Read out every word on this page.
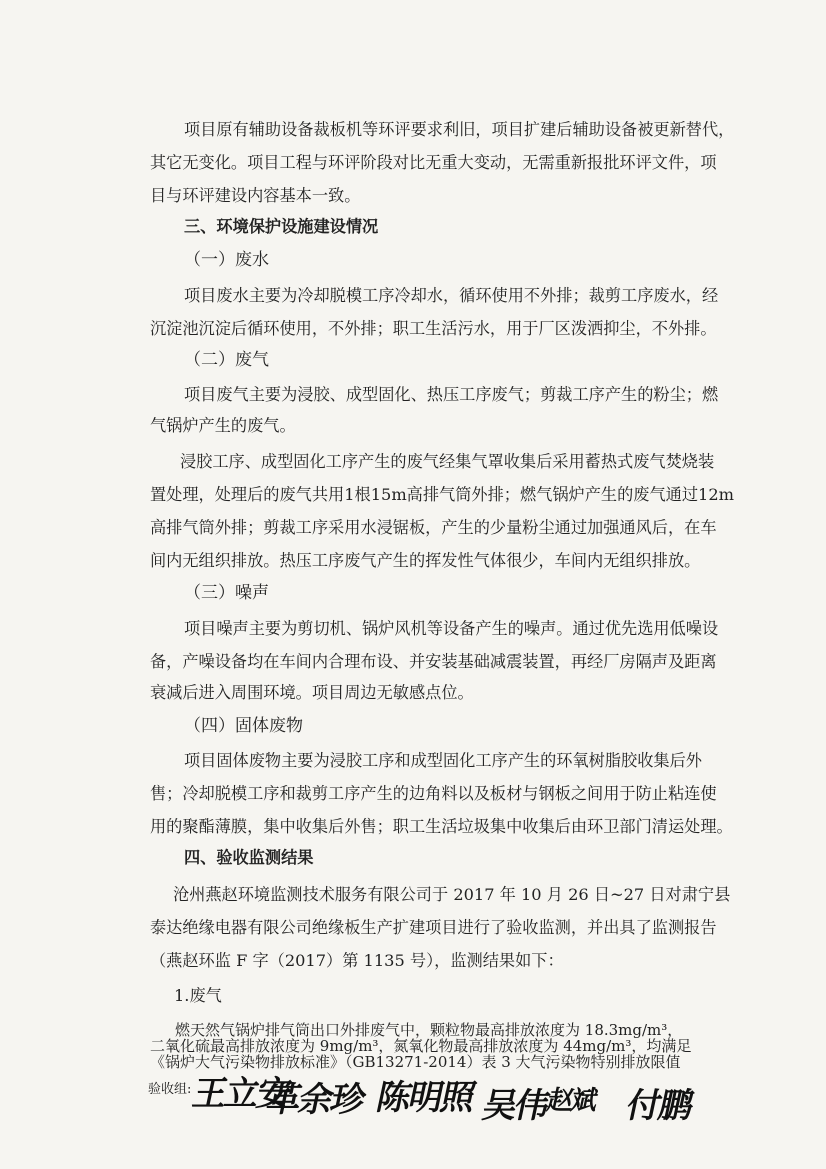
项目原有辅助设备裁板机等环评要求利旧，项目扩建后辅助设备被更新替代，
其它无变化。项目工程与环评阶段对比无重大变动，无需重新报批环评文件，项
目与环评建设内容基本一致。
三、环境保护设施建设情况
（一）废水
项目废水主要为冷却脱模工序冷却水，循环使用不外排；裁剪工序废水，经
沉淀池沉淀后循环使用，不外排；职工生活污水，用于厂区泼洒抑尘，不外排。
（二）废气
项目废气主要为浸胶、成型固化、热压工序废气；剪裁工序产生的粉尘；燃
气锅炉产生的废气。
浸胶工序、成型固化工序产生的废气经集气罩收集后采用蓄热式废气焚烧装
置处理，处理后的废气共用1根15m高排气筒外排；燃气锅炉产生的废气通过12m
高排气筒外排；剪裁工序采用水浸锯板，产生的少量粉尘通过加强通风后，在车
间内无组织排放。热压工序废气产生的挥发性气体很少，车间内无组织排放。
（三）噪声
项目噪声主要为剪切机、锅炉风机等设备产生的噪声。通过优先选用低噪设
备，产噪设备均在车间内合理布设、并安装基础减震装置，再经厂房隔声及距离
衰减后进入周围环境。项目周边无敏感点位。
（四）固体废物
项目固体废物主要为浸胶工序和成型固化工序产生的环氧树脂胶收集后外
售；冷却脱模工序和裁剪工序产生的边角料以及板材与钢板之间用于防止粘连使
用的聚酯薄膜，集中收集后外售；职工生活垃圾集中收集后由环卫部门清运处理。
四、验收监测结果
沧州燕赵环境监测技术服务有限公司于 2017 年 10 月 26 日~27 日对肃宁县
泰达绝缘电器有限公司绝缘板生产扩建项目进行了验收监测，并出具了监测报告
（燕赵环监 F 字（2017）第 1135 号），监测结果如下：
1.废气
燃天然气锅炉排气筒出口外排废气中，颗粒物最高排放浓度为 18.3mg/m³，
二氧化硫最高排放浓度为 9mg/m³，氮氧化物最高排放浓度为 44mg/m³，均满足
《锅炉大气污染物排放标准》（GB13271-2014）表 3 大气污染物特别排放限值
验收组:
王立安
革余珍 陈明照 吴伟
赵斌 付鹏
